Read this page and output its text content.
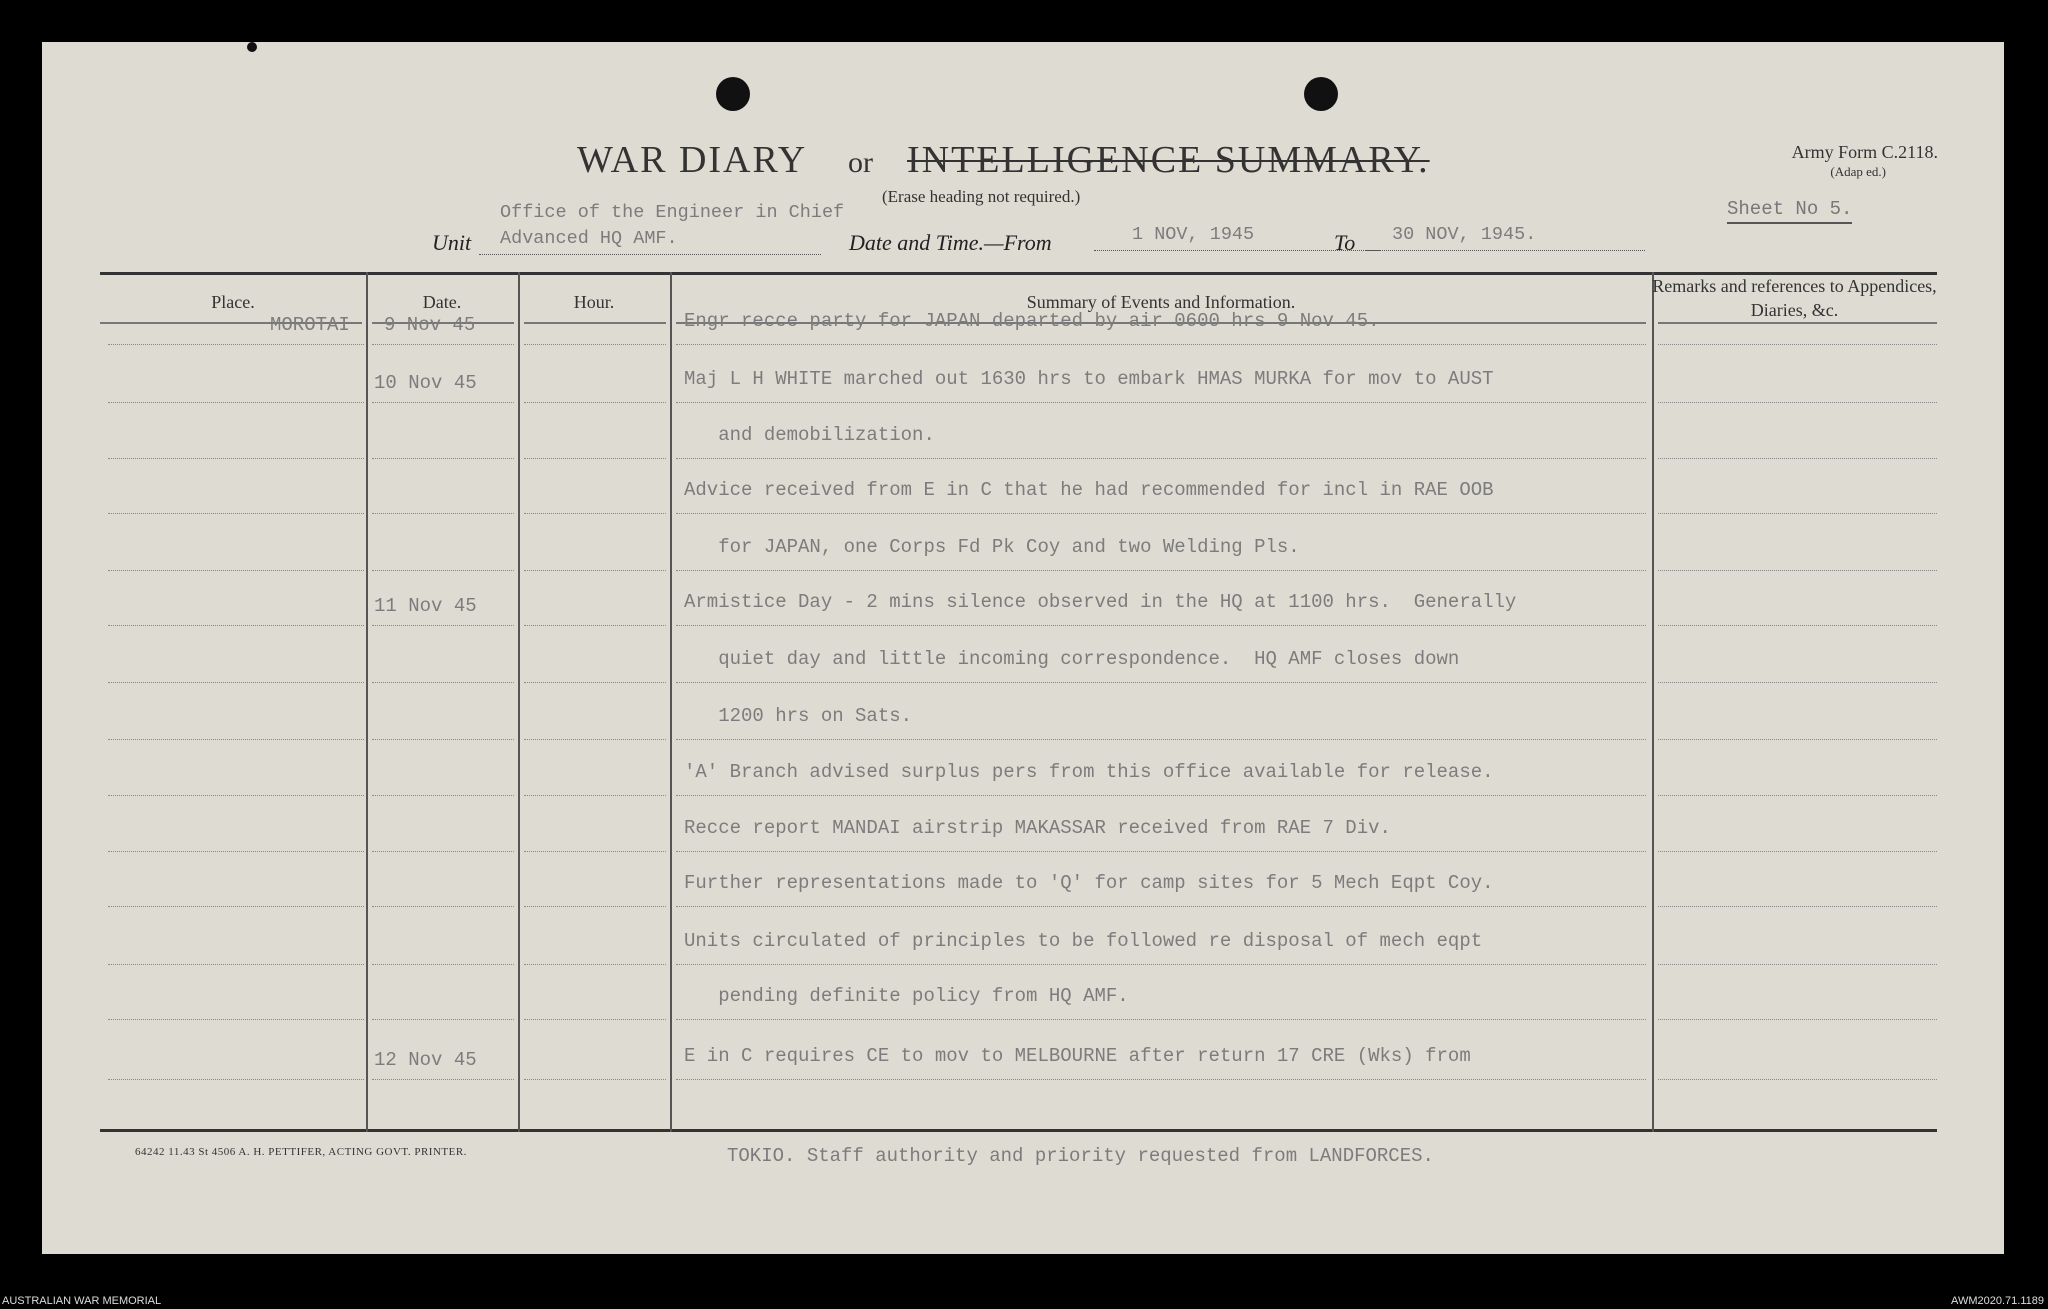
WAR DIARY or INTELLIGENCE SUMMARY.
(Erase heading not required.)
Army Form C.2118.
(Adap ed.)
Sheet No 5.
Office of the Engineer in Chief
Unit Advanced HQ AMF.	Date and Time.—From	1 NOV, 1945	To 30 NOV, 1945.
Place.	Date.	Hour.	Summary of Events and Information.
Remarks and references to Appendices, Diaries, &c.
MOROTAI 9 Nov 45	Engr recce party for JAPAN departed by air 0600 hrs 9 Nov 45.
10 Nov 45	Maj L H WHITE marched out 1630 hrs to embark HMAS MURKA for mov to AUST
and demobilization.
Advice received from E in C that he had recommended for incl in RAE OOB
for JAPAN, one Corps Fd Pk Coy and two Welding Pls.
11 Nov 45	Armistice Day - 2 mins silence observed in the HQ at 1100 hrs.  Generally
quiet day and little incoming correspondence.  HQ AMF closes down
1200 hrs on Sats.
'A' Branch advised surplus pers from this office available for release.
Recce report MANDAI airstrip MAKASSAR received from RAE 7 Div.
Further representations made to 'Q' for camp sites for 5 Mech Eqpt Coy.
Units circulated of principles to be followed re disposal of mech eqpt
pending definite policy from HQ AMF.
12 Nov 45	E in C requires CE to mov to MELBOURNE after return 17 CRE (Wks) from
64242 11.43 St 4506 A. H. PETTIFER, ACTING GOVT. PRINTER.	TOKIO. Staff authority and priority requested from LANDFORCES.
AUSTRALIAN WAR MEMORIAL	AWM2020.71.1189
